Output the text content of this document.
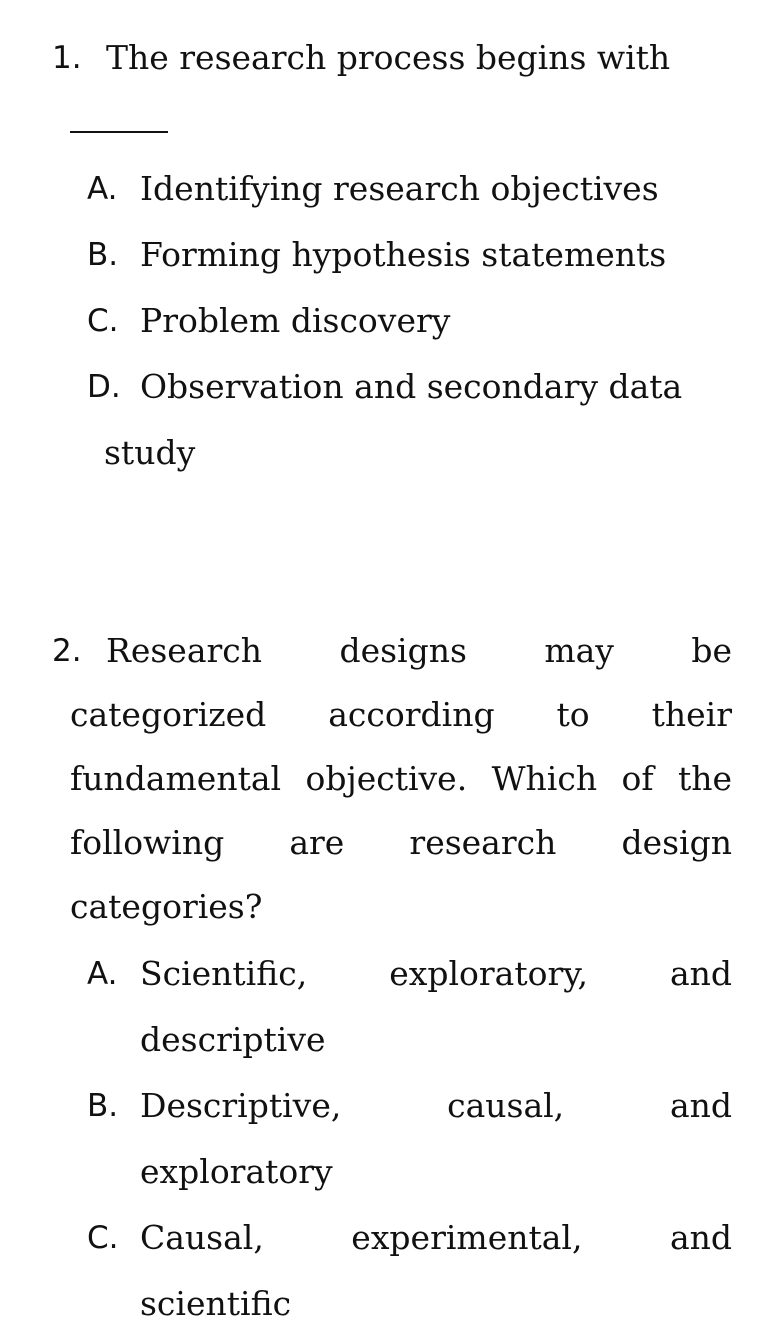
1. The research process begins with

A. Identifying research objectives
B. Forming hypothesis statements
C. Problem discovery
D. Observation and secondary data
study
2. Research designs may be categorized according to their fundamental objective. Which of the following are research design categories?
A. Scientific, exploratory, and descriptive
B. Descriptive, causal, and exploratory
C. Causal, experimental, and scientific
